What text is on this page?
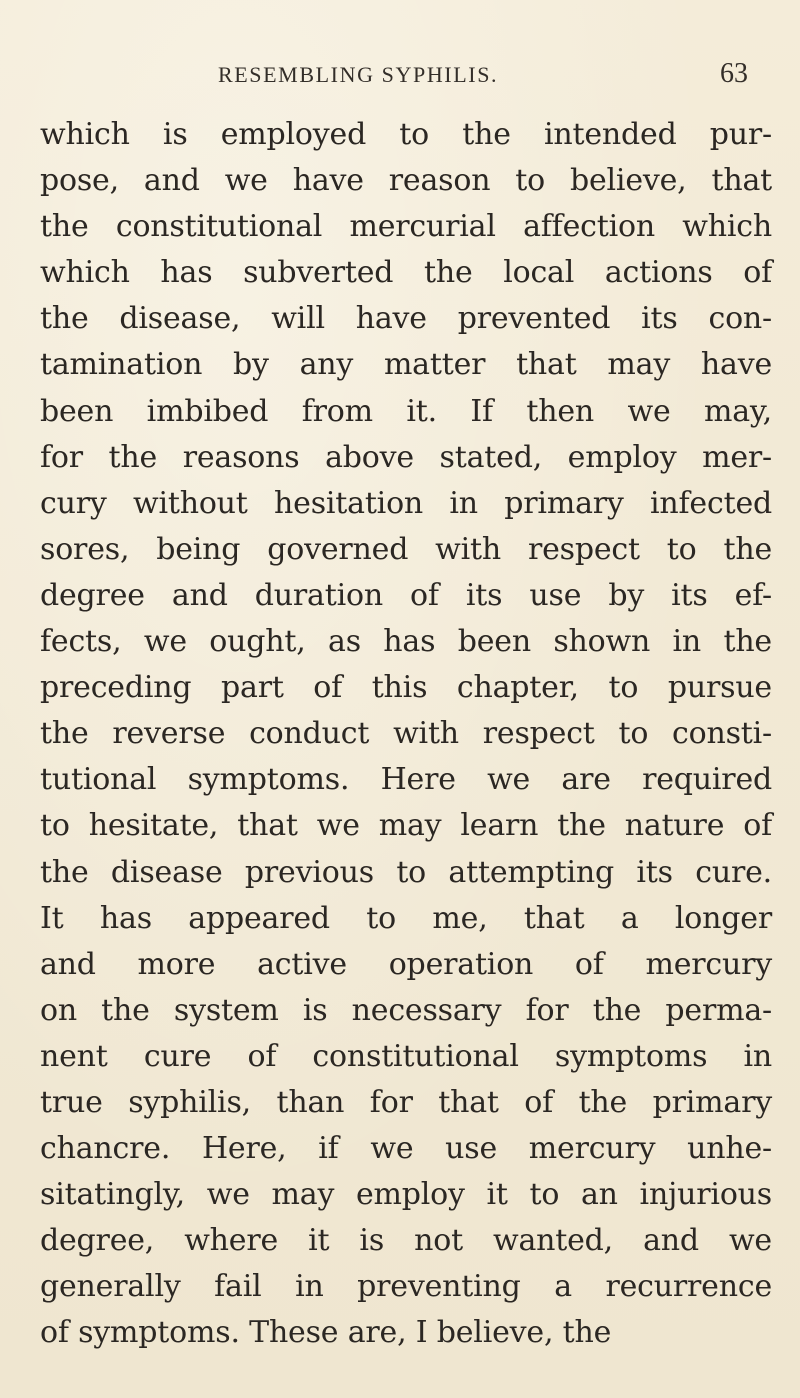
RESEMBLING SYPHILIS.	63
which is employed to the intended pur-
pose, and we have reason to believe, that
the constitutional mercurial affection which
which has subverted the local actions of
the disease, will have prevented its con-
tamination by any matter that may have
been imbibed from it. If then we may,
for the reasons above stated, employ mer-
cury without hesitation in primary infected
sores, being governed with respect to the
degree and duration of its use by its ef-
fects, we ought, as has been shown in the
preceding part of this chapter, to pursue
the reverse conduct with respect to consti-
tutional symptoms. Here we are required
to hesitate, that we may learn the nature of
the disease previous to attempting its cure.
It has appeared to me, that a longer
and more active operation of mercury
on the system is necessary for the perma-
nent cure of constitutional symptoms in
true syphilis, than for that of the primary
chancre. Here, if we use mercury unhe-
sitatingly, we may employ it to an injurious
degree, where it is not wanted, and we
generally fail in preventing a recurrence
of symptoms. These are, I believe, the
